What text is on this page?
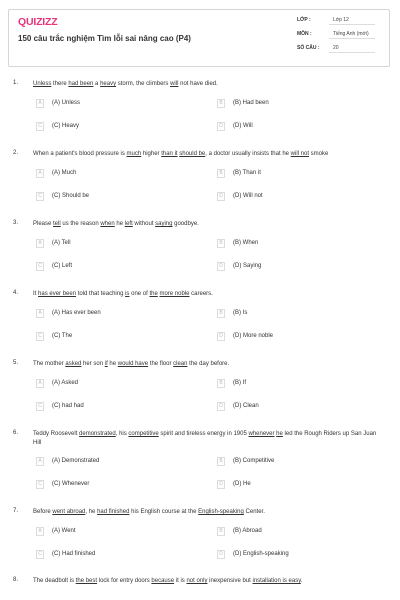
QUIZIZZ
150 câu trắc nghiệm Tìm lỗi sai nâng cao (P4)
LỚP :	Lớp 12
MÔN :	Tiếng Anh (mới)
SỐ CÂU :	20
1. Unless there had been a heavy storm, the climbers will not have died.
A	(A) Unless	B	(B) Had been
C	(C) Heavy	D	(D) Will
2. When a patient's blood pressure is much higher than it should be, a doctor usually insists that he will not smoke
A	(A) Much	B	(B) Than it
C	(C) Should be	D	(D) Will not
3. Please tell us the reason when he left without saying goodbye.
A	(A) Tell	B	(B) When
C	(C) Left	D	(D) Saying
4. It has ever been told that teaching is one of the more noble careers.
A	(A) Has ever been	B	(B) Is
C	(C) The	D	(D) More noble
5. The mother asked her son if he would have the floor clean the day before.
A	(A) Asked	B	(B) If
C	(C) had had	D	(D) Clean
6. Teddy Roosevelt demonstrated, his competitive spirit and tireless energy in 1905 whenever he led the Rough Riders up San Juan Hill
A	(A) Demonstrated	B	(B) Competitive
C	(C) Whenever	D	(D) He
7. Before went abroad, he had finished his English course at the English-speaking Center.
A	(A) Went	B	(B) Abroad
C	(C) Had finished	D	(D) English-speaking
8. The deadbolt is the best lock for entry doors because it is not only inexpensive but installation is easy.
